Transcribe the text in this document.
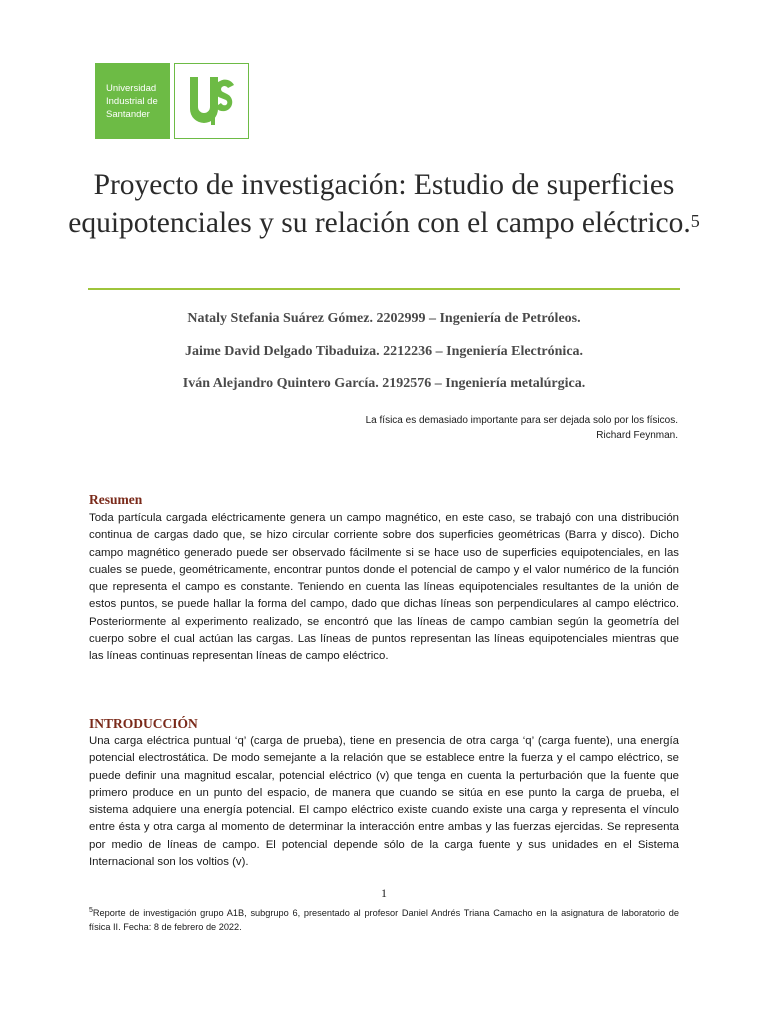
Universidad
Industrial de
Santander
Proyecto de investigación: Estudio de superficies equipotenciales y su relación con el campo eléctrico.$^5$
Nataly Stefania Suárez Gómez. 2202999 – Ingeniería de Petróleos.
Jaime David Delgado Tibaduiza. 2212236 – Ingeniería Electrónica.
Iván Alejandro Quintero García. 2192576 – Ingeniería metalúrgica.
La física es demasiado importante para ser dejada solo por los físicos.
Richard Feynman.
Resumen

Toda partícula cargada eléctricamente genera un campo magnético, en este caso, se trabajó con una distribución continua de cargas dado que, se hizo circular corriente sobre dos superficies geométricas (Barra y disco). Dicho campo magnético generado puede ser observado fácilmente si se hace uso de superficies equipotenciales, en las cuales se puede, geométricamente, encontrar puntos donde el potencial de campo y el valor numérico de la función que representa el campo es constante. Teniendo en cuenta las líneas equipotenciales resultantes de la unión de estos puntos, se puede hallar la forma del campo, dado que dichas líneas son perpendiculares al campo eléctrico. Posteriormente al experimento realizado, se encontró que las líneas de campo cambian según la geometría del cuerpo sobre el cual actúan las cargas. Las líneas de puntos representan las líneas equipotenciales mientras que las líneas continuas representan líneas de campo eléctrico.

INTRODUCCIÓN

Una carga eléctrica puntual ‘q’ (carga de prueba), tiene en presencia de otra carga ‘q’ (carga fuente), una energía potencial electrostática. De modo semejante a la relación que se establece entre la fuerza y el campo eléctrico, se puede definir una magnitud escalar, potencial eléctrico (v) que tenga en cuenta la perturbación que la fuente que primero produce en un punto del espacio, de manera que cuando se sitúa en ese punto la carga de prueba, el sistema adquiere una energía potencial. El campo eléctrico existe cuando existe una carga y representa el vínculo entre ésta y otra carga al momento de determinar la interacción entre ambas y las fuerzas ejercidas. Se representa por medio de líneas de campo. El potencial depende sólo de la carga fuente y sus unidades en el Sistema Internacional son los voltios (v).

1

$^5$Reporte de investigación grupo A1B, subgrupo 6, presentado al profesor Daniel Andrés Triana Camacho en la asignatura de laboratorio de física II. Fecha: 8 de febrero de 2022.
